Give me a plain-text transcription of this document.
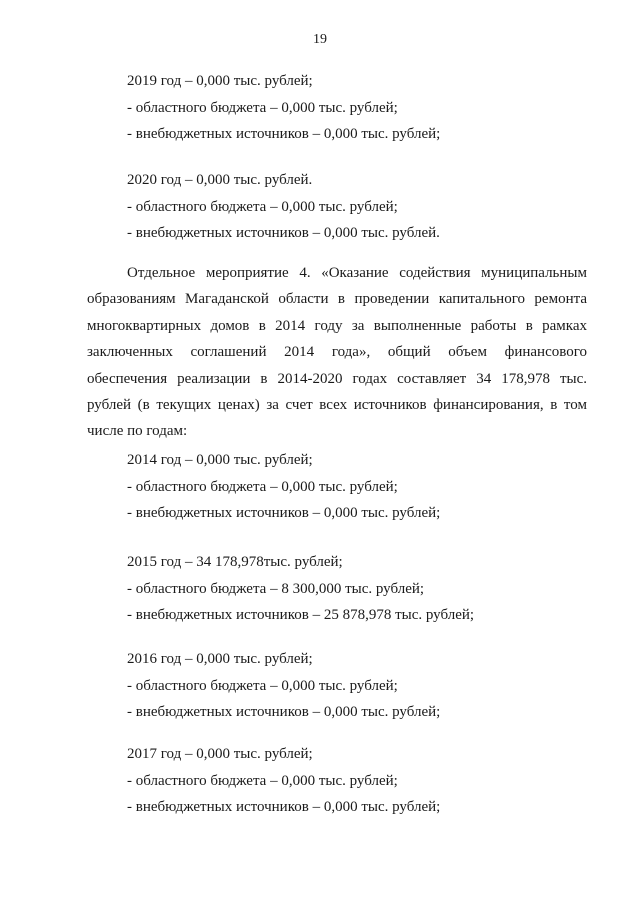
19
2019 год – 0,000 тыс. рублей;
- областного бюджета – 0,000 тыс. рублей;
- внебюджетных источников – 0,000 тыс. рублей;
2020 год – 0,000 тыс. рублей.
- областного бюджета – 0,000 тыс. рублей;
- внебюджетных источников – 0,000 тыс. рублей.
Отдельное мероприятие 4. «Оказание содействия муниципальным
образованиям Магаданской области в проведении капитального ремонта
многоквартирных домов в 2014 году за выполненные работы в рамках
заключенных соглашений 2014 года», общий объем финансового
обеспечения реализации в 2014-2020 годах составляет 34 178,978 тыс.
рублей (в текущих ценах) за счет всех источников финансирования, в том
числе по годам:
2014 год – 0,000 тыс. рублей;
- областного бюджета – 0,000 тыс. рублей;
- внебюджетных источников – 0,000 тыс. рублей;
2015 год – 34 178,978тыс. рублей;
- областного бюджета – 8 300,000 тыс. рублей;
- внебюджетных источников – 25 878,978 тыс. рублей;
2016 год – 0,000 тыс. рублей;
- областного бюджета – 0,000 тыс. рублей;
- внебюджетных источников – 0,000 тыс. рублей;
2017 год – 0,000 тыс. рублей;
- областного бюджета – 0,000 тыс. рублей;
- внебюджетных источников – 0,000 тыс. рублей;
